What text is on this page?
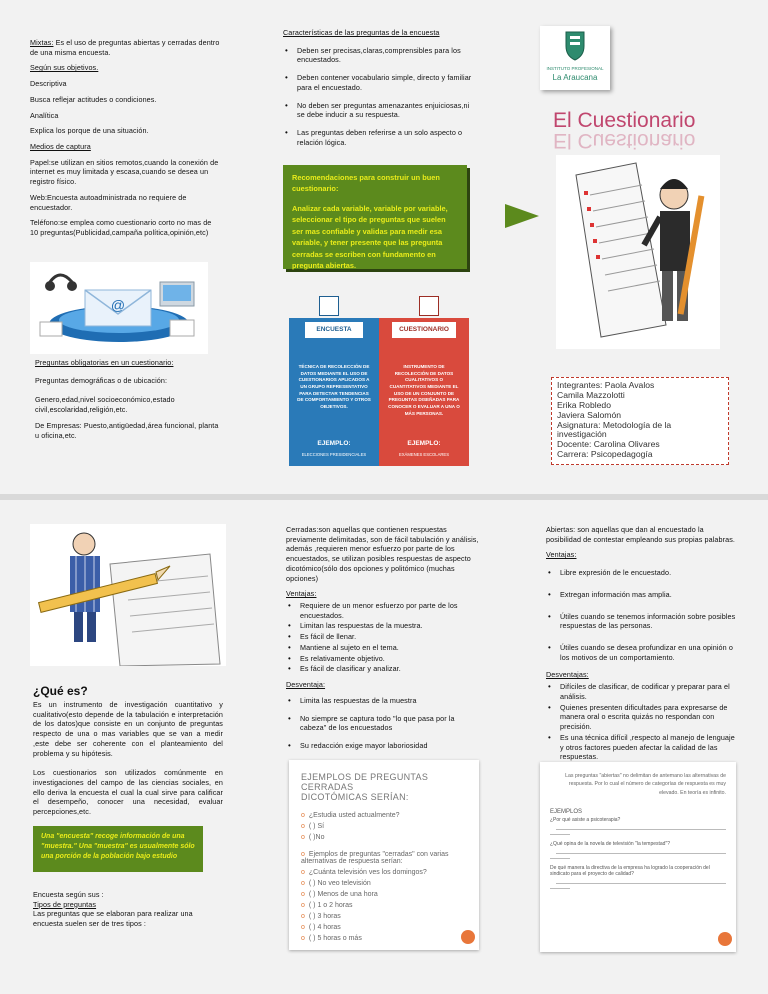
Mixtas: Es el uso de preguntas abiertas y cerradas dentro de una misma encuesta.

Según sus objetivos.

Descriptiva

Busca reflejar actitudes o condiciones.

Analítica

Explica los porque de una situación.

Medios de captura

Papel:se utilizan en sitios remotos,cuando la conexión de internet es muy limitada y escasa,cuando se desea un registro físico.

Web:Encuesta autoadministrada no requiere de encuestador.

Teléfono:se emplea como cuestionario corto no mas de 10 preguntas(Publicidad,campaña política,opinión,etc)

@

Preguntas obligatorias en un cuestionario:

Preguntas demográficas o de ubicación:

Genero,edad,nivel socioeconómico,estado civil,escolaridad,religión,etc.

De Empresas: Puesto,antigüedad,área funcional, planta u oficina,etc.

Características de las preguntas de la encuesta

• Deben ser precisas,claras,comprensibles para los encuestados.
• Deben contener vocabulario simple, directo y familiar para el encuestado.
• No deben ser preguntas amenazantes enjuiciosas,ni se debe inducir a su respuesta.
• Las preguntas deben referirse a un solo aspecto o relación lógica.

Recomendaciones para construir un buen cuestionario:

Analizar cada variable, variable por variable, seleccionar el tipo de preguntas que suelen ser mas confiable y validas para medir esa variable, y tener presente que las pregunta cerradas se escriben con fundamento en pregunta abiertas.

ENCUESTA	CUESTIONARIO
TÉCNICA DE RECOLECCIÓN DE DATOS MEDIANTE EL USO DE CUESTIONARIOS APLICADOS A UN GRUPO REPRESENTATIVO PARA DETECTAR TENDENCIAS DE COMPORTAMIENTO Y OTROS OBJETIVOS.
INSTRUMENTO DE RECOLECCIÓN DE DATOS CUALITATIVOS O CUANTITATIVOS MEDIANTE EL USO DE UN CONJUNTO DE PREGUNTAS DISEÑADAS PARA CONOCER O EVALUAR A UNA O MÁS PERSONAS.
EJEMPLO:
ELECCIONES PRESIDENCIALES
EJEMPLO:
EXÁMENES ESCOLARES
INSTITUTO PROFESIONAL
La Araucana
El Cuestionario
El Cuestionario
Integrantes: Paola Avalos
Camila Mazzolotti
Erika Robledo
Javiera Salomón
Asignatura: Metodología de la investigación
Docente: Carolina Olivares
Carrera: Psicopedagogía
¿Qué es?

Es un instrumento de investigación cuantitativo y cualitativo(esto depende de la tabulación e interpretación de los datos)que consiste en un conjunto de preguntas respecto de una o mas variables que se van a medir ,este debe ser coherente con el planteamiento del problema y su hipótesis.

Los cuestionarios son utilizados comúnmente en investigaciones del campo de las ciencias sociales, en ello deriva la encuesta el cual la cual sirve para calificar el desempeño, conocer una necesidad, evaluar percepciones,etc.

Una "encuesta" recoge información de una "muestra." Una "muestra" es usualmente sólo una porción de la población bajo estudio

Encuesta según sus :

Tipos de preguntas

Las preguntas que se elaboran para realizar una encuesta suelen ser de tres tipos :

Cerradas:son aquellas que contienen respuestas previamente delimitadas, son de fácil tabulación y análisis, además ,requieren menor esfuerzo por parte de los encuestados, se utilizan posibles respuestas de aspecto dicotómico(sólo dos opciones y politómico (muchas opciones)

Ventajas:

• Requiere de un menor esfuerzo por parte de los encuestados.
• Limitan las respuestas de la muestra.
• Es fácil de llenar.
• Mantiene al sujeto en el tema.
• Es relativamente objetivo.
• Es fácil de clasificar y analizar.

Desventaja:

• Limita las respuestas de la muestra
• No siempre se captura todo "lo que pasa por la cabeza" de los encuestados
• Su redacción exige mayor laboriosidad
EJEMPLOS DE PREGUNTAS CERRADAS
DICOTÓMICAS SERÍAN:
o ¿Estudia usted actualmente?
o ( ) Sí
o ( )No
o Ejemplos de preguntas "cerradas" con varias alternativas de respuesta serían:
o ¿Cuánta televisión ves los domingos?
o ( ) No veo televisión
o ( ) Menos de una hora
o ( ) 1 o 2 horas
o ( ) 3 horas
o ( ) 4 horas
o ( ) 5 horas o más

Abiertas: son aquellas que dan al encuestado la posibilidad de contestar empleando sus propias palabras.

Ventajas:

• Libre expresión de le encuestado.
• Extregan información mas amplia.
• Útiles cuando se tenemos información sobre posibles respuestas de las personas.
• Útiles cuando se desea profundizar en una opinión o los motivos de un comportamiento.

Desventajas:

• Difíciles de clasificar, de codificar y preparar para el análisis.
• Quienes presenten dificultades para expresarse de manera oral o escrita quizás no respondan con precisión.
• Es una técnica difícil ,respecto al manejo de lenguaje y otros factores pueden afectar la calidad de las respuestas.
•
Las preguntas "abiertas" no delimitan de antemano las alternativas de respuesta. Por lo cual el número de categorías de respuesta es muy elevado. En teoría es infinito.
EJEMPLOS
¿Por qué asiste a psicoterapia?
¿Qué opina de la novela de televisión "la tempestad"?
De qué manera la directiva de la empresa ha logrado la cooperación del sindicato para el proyecto de calidad?
